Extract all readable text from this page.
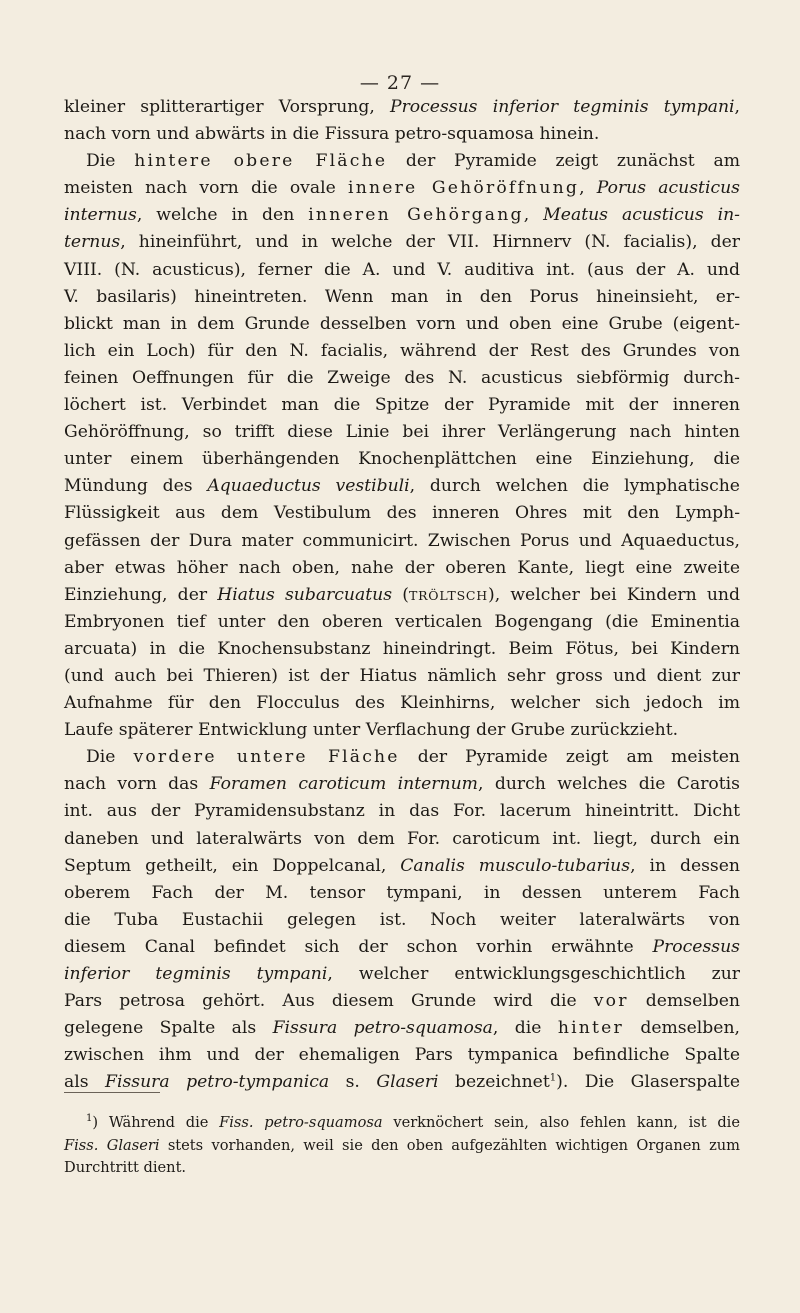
— 27 —
kleiner splitterartiger Vorsprung, Processus inferior tegminis tympani,
nach vorn und abwärts in die Fissura petro-squamosa hinein.
Die hintere obere Fläche der Pyramide zeigt zunächst am
meisten nach vorn die ovale innere Gehöröffnung, Porus acusticus
internus, welche in den inneren Gehörgang, Meatus acusticus in-
ternus, hineinführt, und in welche der VII. Hirnnerv (N. facialis), der
VIII. (N. acusticus), ferner die A. und V. auditiva int. (aus der A. und
V. basilaris) hineintreten. Wenn man in den Porus hineinsieht, er-
blickt man in dem Grunde desselben vorn und oben eine Grube (eigent-
lich ein Loch) für den N. facialis, während der Rest des Grundes von
feinen Oeffnungen für die Zweige des N. acusticus siebförmig durch-
löchert ist. Verbindet man die Spitze der Pyramide mit der inneren
Gehöröffnung, so trifft diese Linie bei ihrer Verlängerung nach hinten
unter einem überhängenden Knochenplättchen eine Einziehung, die
Mündung des Aquaeductus vestibuli, durch welchen die lymphatische
Flüssigkeit aus dem Vestibulum des inneren Ohres mit den Lymph-
gefässen der Dura mater communicirt. Zwischen Porus und Aquaeductus,
aber etwas höher nach oben, nahe der oberen Kante, liegt eine zweite
Einziehung, der Hiatus subarcuatus (TRÖLTSCH), welcher bei Kindern und
Embryonen tief unter den oberen verticalen Bogengang (die Eminentia
arcuata) in die Knochensubstanz hineindringt. Beim Fötus, bei Kindern
(und auch bei Thieren) ist der Hiatus nämlich sehr gross und dient zur
Aufnahme für den Flocculus des Kleinhirns, welcher sich jedoch im
Laufe späterer Entwicklung unter Verflachung der Grube zurückzieht.
Die vordere untere Fläche der Pyramide zeigt am meisten
nach vorn das Foramen caroticum internum, durch welches die Carotis
int. aus der Pyramidensubstanz in das For. lacerum hineintritt. Dicht
daneben und lateralwärts von dem For. caroticum int. liegt, durch ein
Septum getheilt, ein Doppelcanal, Canalis musculo-tubarius, in dessen
oberem Fach der M. tensor tympani, in dessen unterem Fach
die Tuba Eustachii gelegen ist. Noch weiter lateralwärts von
diesem Canal befindet sich der schon vorhin erwähnte Processus
inferior tegminis tympani, welcher entwicklungsgeschichtlich zur
Pars petrosa gehört. Aus diesem Grunde wird die vor demselben
gelegene Spalte als Fissura petro-squamosa, die hinter demselben,
zwischen ihm und der ehemaligen Pars tympanica befindliche Spalte
als Fissura petro-tympanica s. Glaseri bezeichnet$^1$). Die Glaserspalte
$^1$) Während die Fiss. petro-squamosa verknöchert sein, also fehlen kann, ist die
Fiss. Glaseri stets vorhanden, weil sie den oben aufgezählten wichtigen Organen zum
Durchtritt dient.
